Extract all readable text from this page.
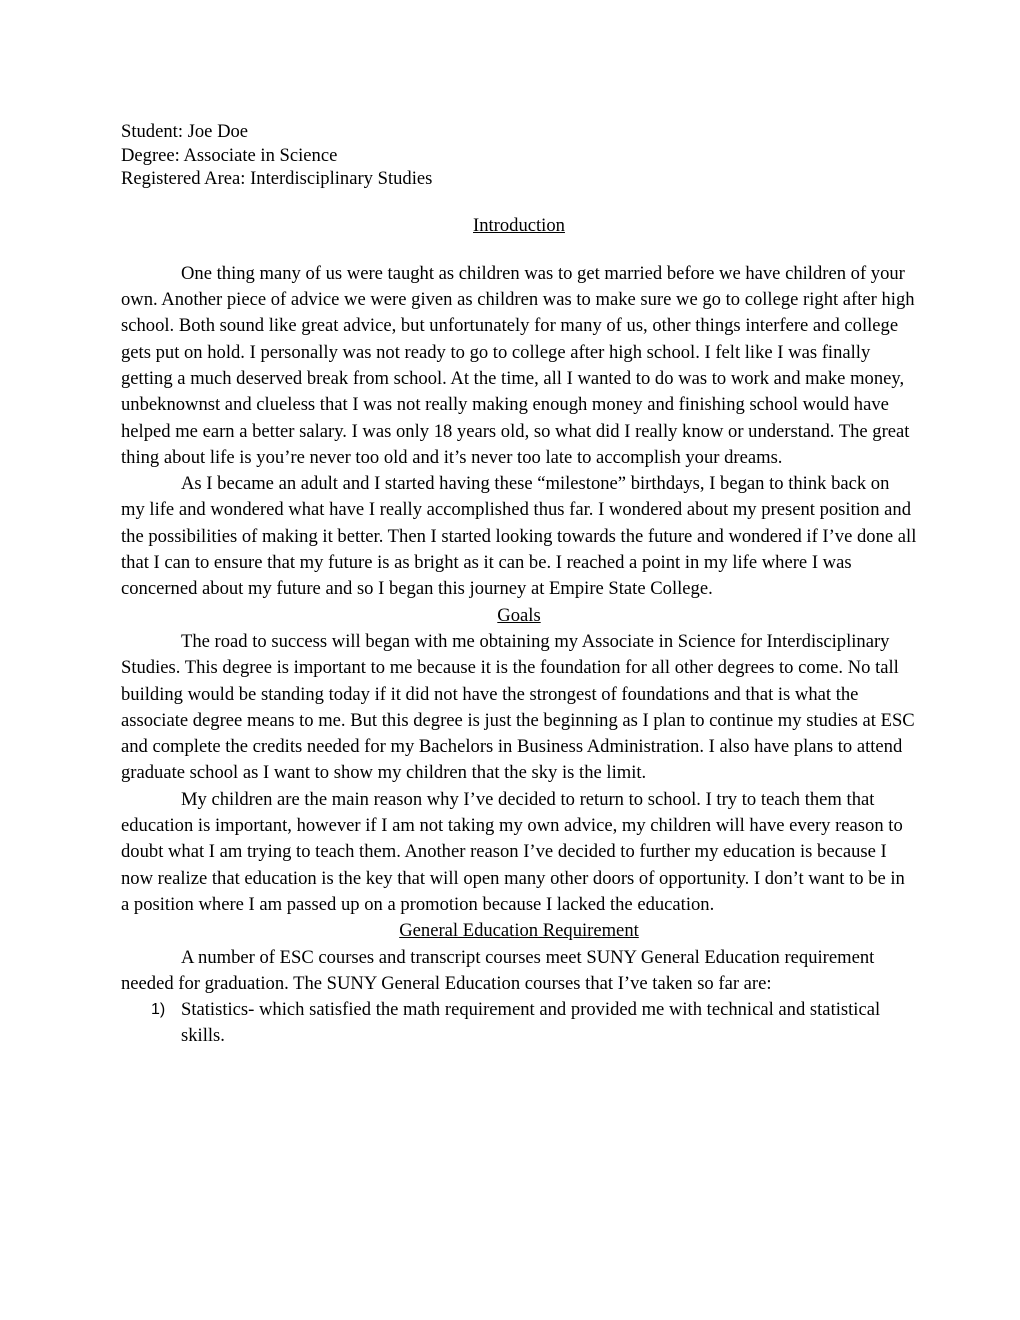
Student: Joe Doe

Degree: Associate in Science

Registered Area: Interdisciplinary Studies

Introduction

One thing many of us were taught as children was to get married before we have children of your own. Another piece of advice we were given as children was to make sure we go to college right after high school. Both sound like great advice, but unfortunately for many of us, other things interfere and college gets put on hold. I personally was not ready to go to college after high school. I felt like I was finally getting a much deserved break from school. At the time, all I wanted to do was to work and make money, unbeknownst and clueless that I was not really making enough money and finishing school would have helped me earn a better salary. I was only 18 years old, so what did I really know or understand. The great thing about life is you’re never too old and it’s never too late to accomplish your dreams.

As I became an adult and I started having these “milestone” birthdays, I began to think back on my life and wondered what have I really accomplished thus far. I wondered about my present position and the possibilities of making it better. Then I started looking towards the future and wondered if I’ve done all that I can to ensure that my future is as bright as it can be. I reached a point in my life where I was concerned about my future and so I began this journey at Empire State College.

Goals

The road to success will began with me obtaining my Associate in Science for Interdisciplinary Studies. This degree is important to me because it is the foundation for all other degrees to come. No tall building would be standing today if it did not have the strongest of foundations and that is what the associate degree means to me. But this degree is just the beginning as I plan to continue my studies at ESC and complete the credits needed for my Bachelors in Business Administration. I also have plans to attend graduate school as I want to show my children that the sky is the limit.

My children are the main reason why I’ve decided to return to school. I try to teach them that education is important, however if I am not taking my own advice, my children will have every reason to doubt what I am trying to teach them. Another reason I’ve decided to further my education is because I now realize that education is the key that will open many other doors of opportunity. I don’t want to be in a position where I am passed up on a promotion because I lacked the education.

General Education Requirement

A number of ESC courses and transcript courses meet SUNY General Education requirement needed for graduation. The SUNY General Education courses that I’ve taken so far are:

1) Statistics- which satisfied the math requirement and provided me with technical and statistical skills.
